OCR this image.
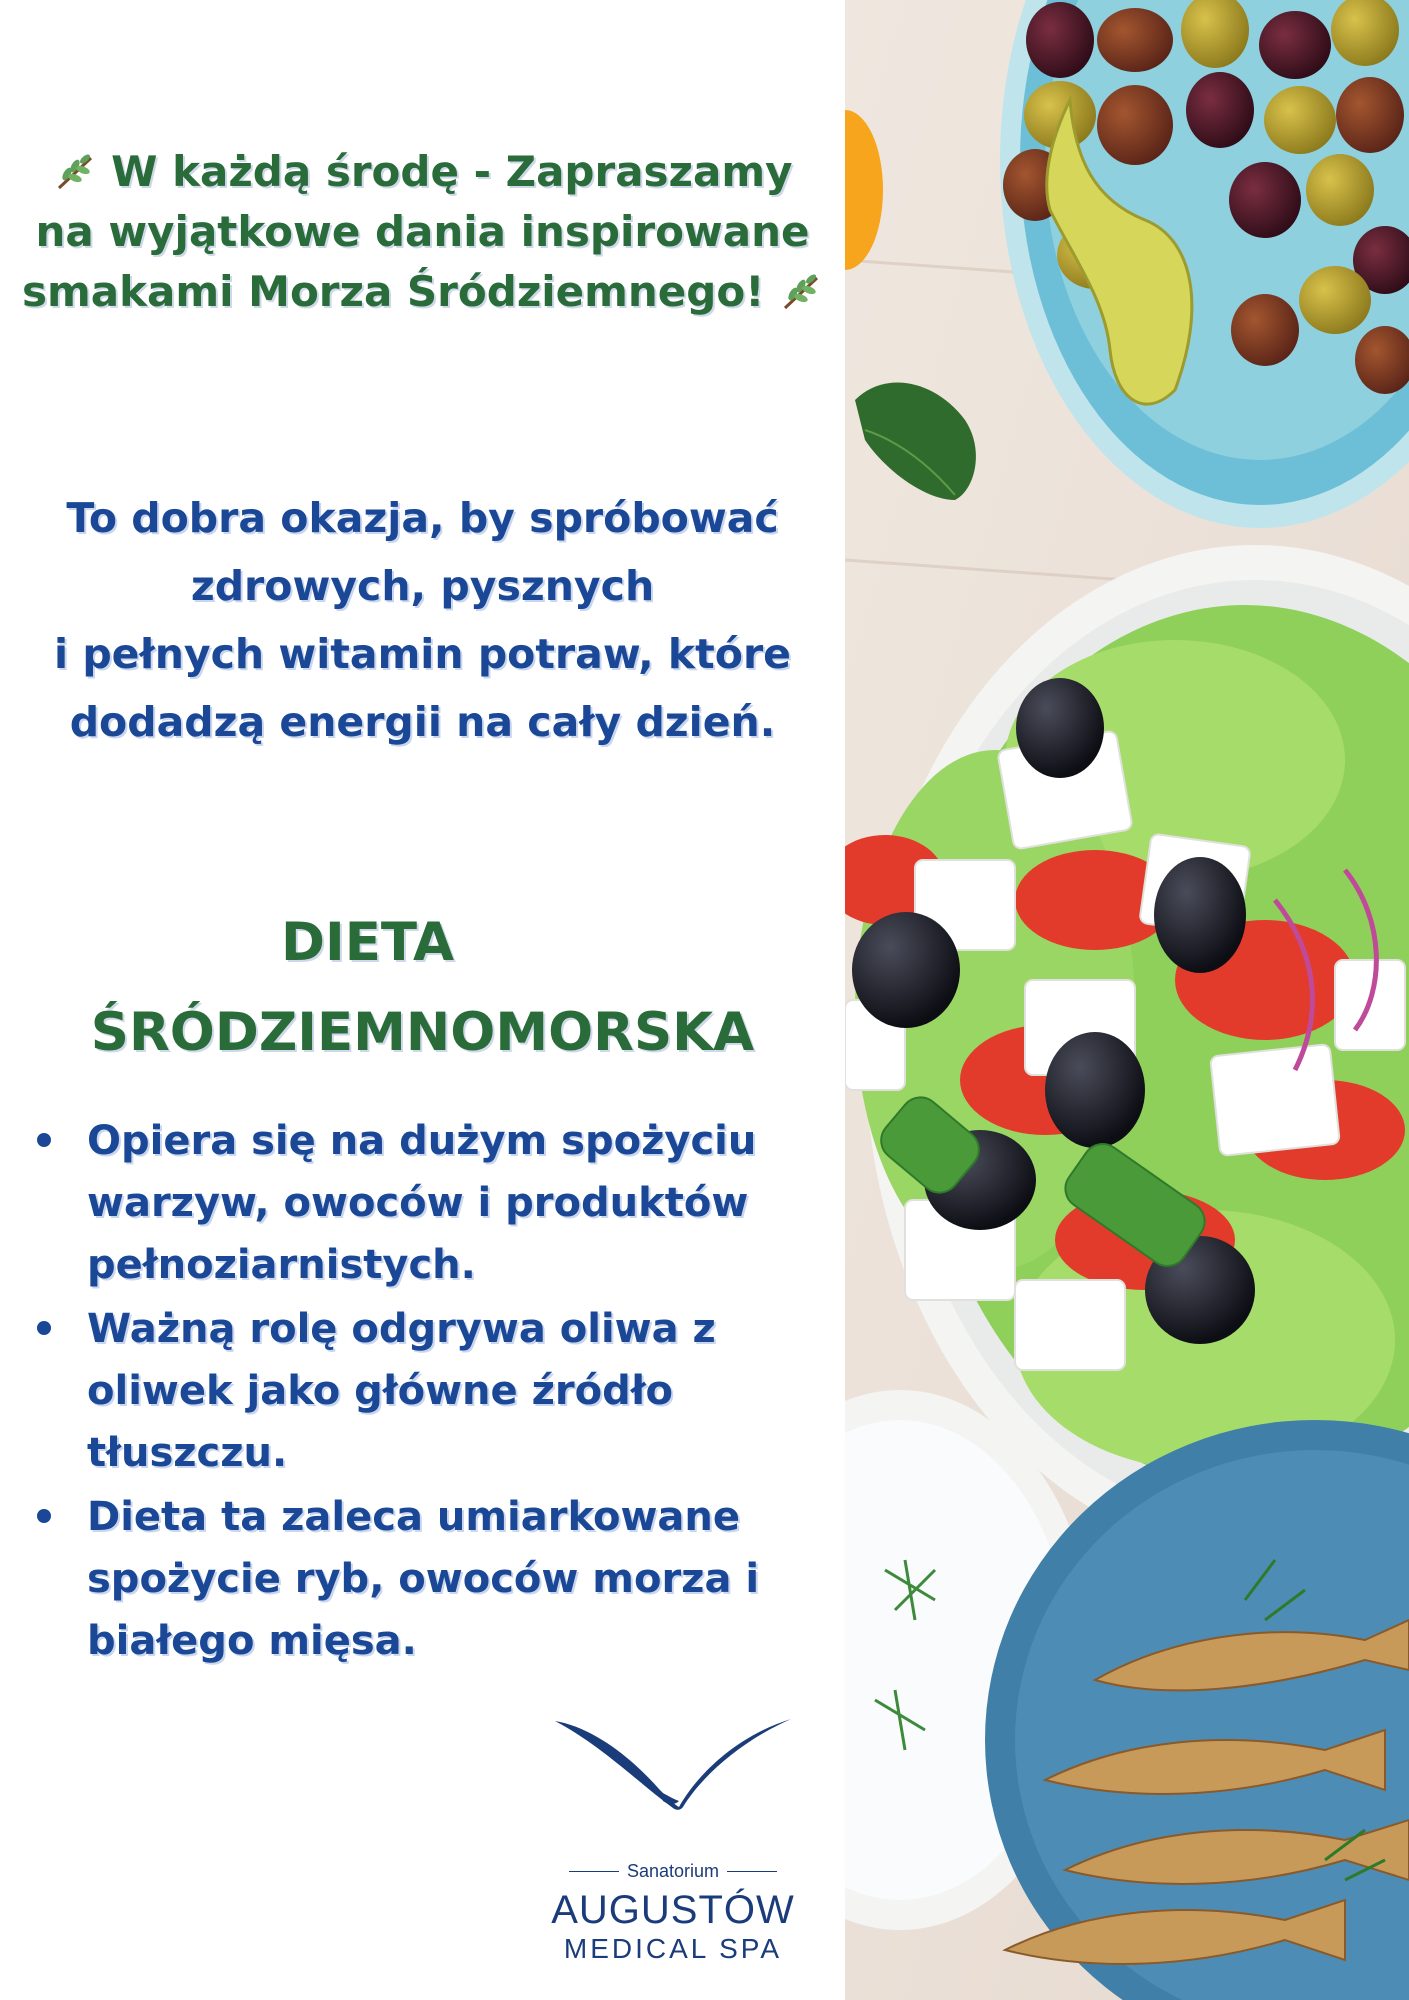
W każdą środę - Zapraszamy
na wyjątkowe dania inspirowane
smakami Morza Śródziemnego!
To dobra okazja, by spróbować
zdrowych, pysznych
i pełnych witamin potraw, które
dodadzą energii na cały dzień.
DIETA
ŚRÓDZIEMNOMORSKA
Opiera się na dużym spożyciu
warzyw, owoców i produktów
pełnoziarnistych.
Ważną rolę odgrywa oliwa z
oliwek jako główne źródło
tłuszczu.
Dieta ta zaleca umiarkowane
spożycie ryb, owoców morza i
białego mięsa.
Sanatorium
AUGUSTÓW
MEDICAL SPA
